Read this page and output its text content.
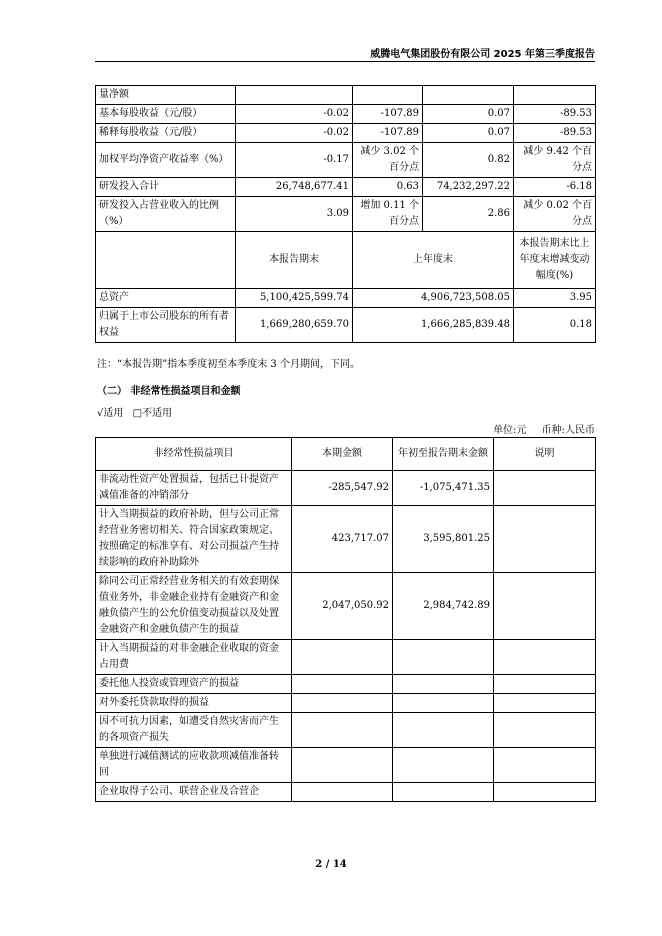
威腾电气集团股份有限公司 2025 年第三季度报告
量净额				
基本每股收益（元/股）	-0.02	-107.89	0.07	-89.53
稀释每股收益（元/股）	-0.02	-107.89	0.07	-89.53
加权平均净资产收益率（%）	-0.17	减少 3.02 个百分点	0.82	减少 9.42 个百分点
研发投入合计	26,748,677.41	0.63	74,232,297.22	-6.18
研发投入占营业收入的比例（%）	3.09	增加 0.11 个百分点	2.86	减少 0.02 个百分点
	本报告期末	上年度末		本报告期末比上年度末增减变动幅度(%)
总资产	5,100,425,599.74	4,906,723,508.05		3.95
归属于上市公司股东的所有者权益	1,669,280,659.70	1,666,285,839.48		0.18
注：“本报告期”指本季度初至本季度末 3 个月期间，下同。
（二） 非经常性损益项目和金额
√适用 □不适用
单位:元 币种:人民币
非经常性损益项目	本期金额	年初至报告期末金额	说明
非流动性资产处置损益，包括已计提资产减值准备的冲销部分	-285,547.92	-1,075,471.35	
计入当期损益的政府补助，但与公司正常经营业务密切相关、符合国家政策规定、按照确定的标准享有、对公司损益产生持续影响的政府补助除外	423,717.07	3,595,801.25	
除同公司正常经营业务相关的有效套期保值业务外，非金融企业持有金融资产和金融负债产生的公允价值变动损益以及处置金融资产和金融负债产生的损益	2,047,050.92	2,984,742.89	
计入当期损益的对非金融企业收取的资金占用费			
委托他人投资或管理资产的损益			
对外委托贷款取得的损益			
因不可抗力因素，如遭受自然灾害而产生的各项资产损失			
单独进行减值测试的应收款项减值准备转回			
企业取得子公司、联营企业及合营企			
2 / 14
